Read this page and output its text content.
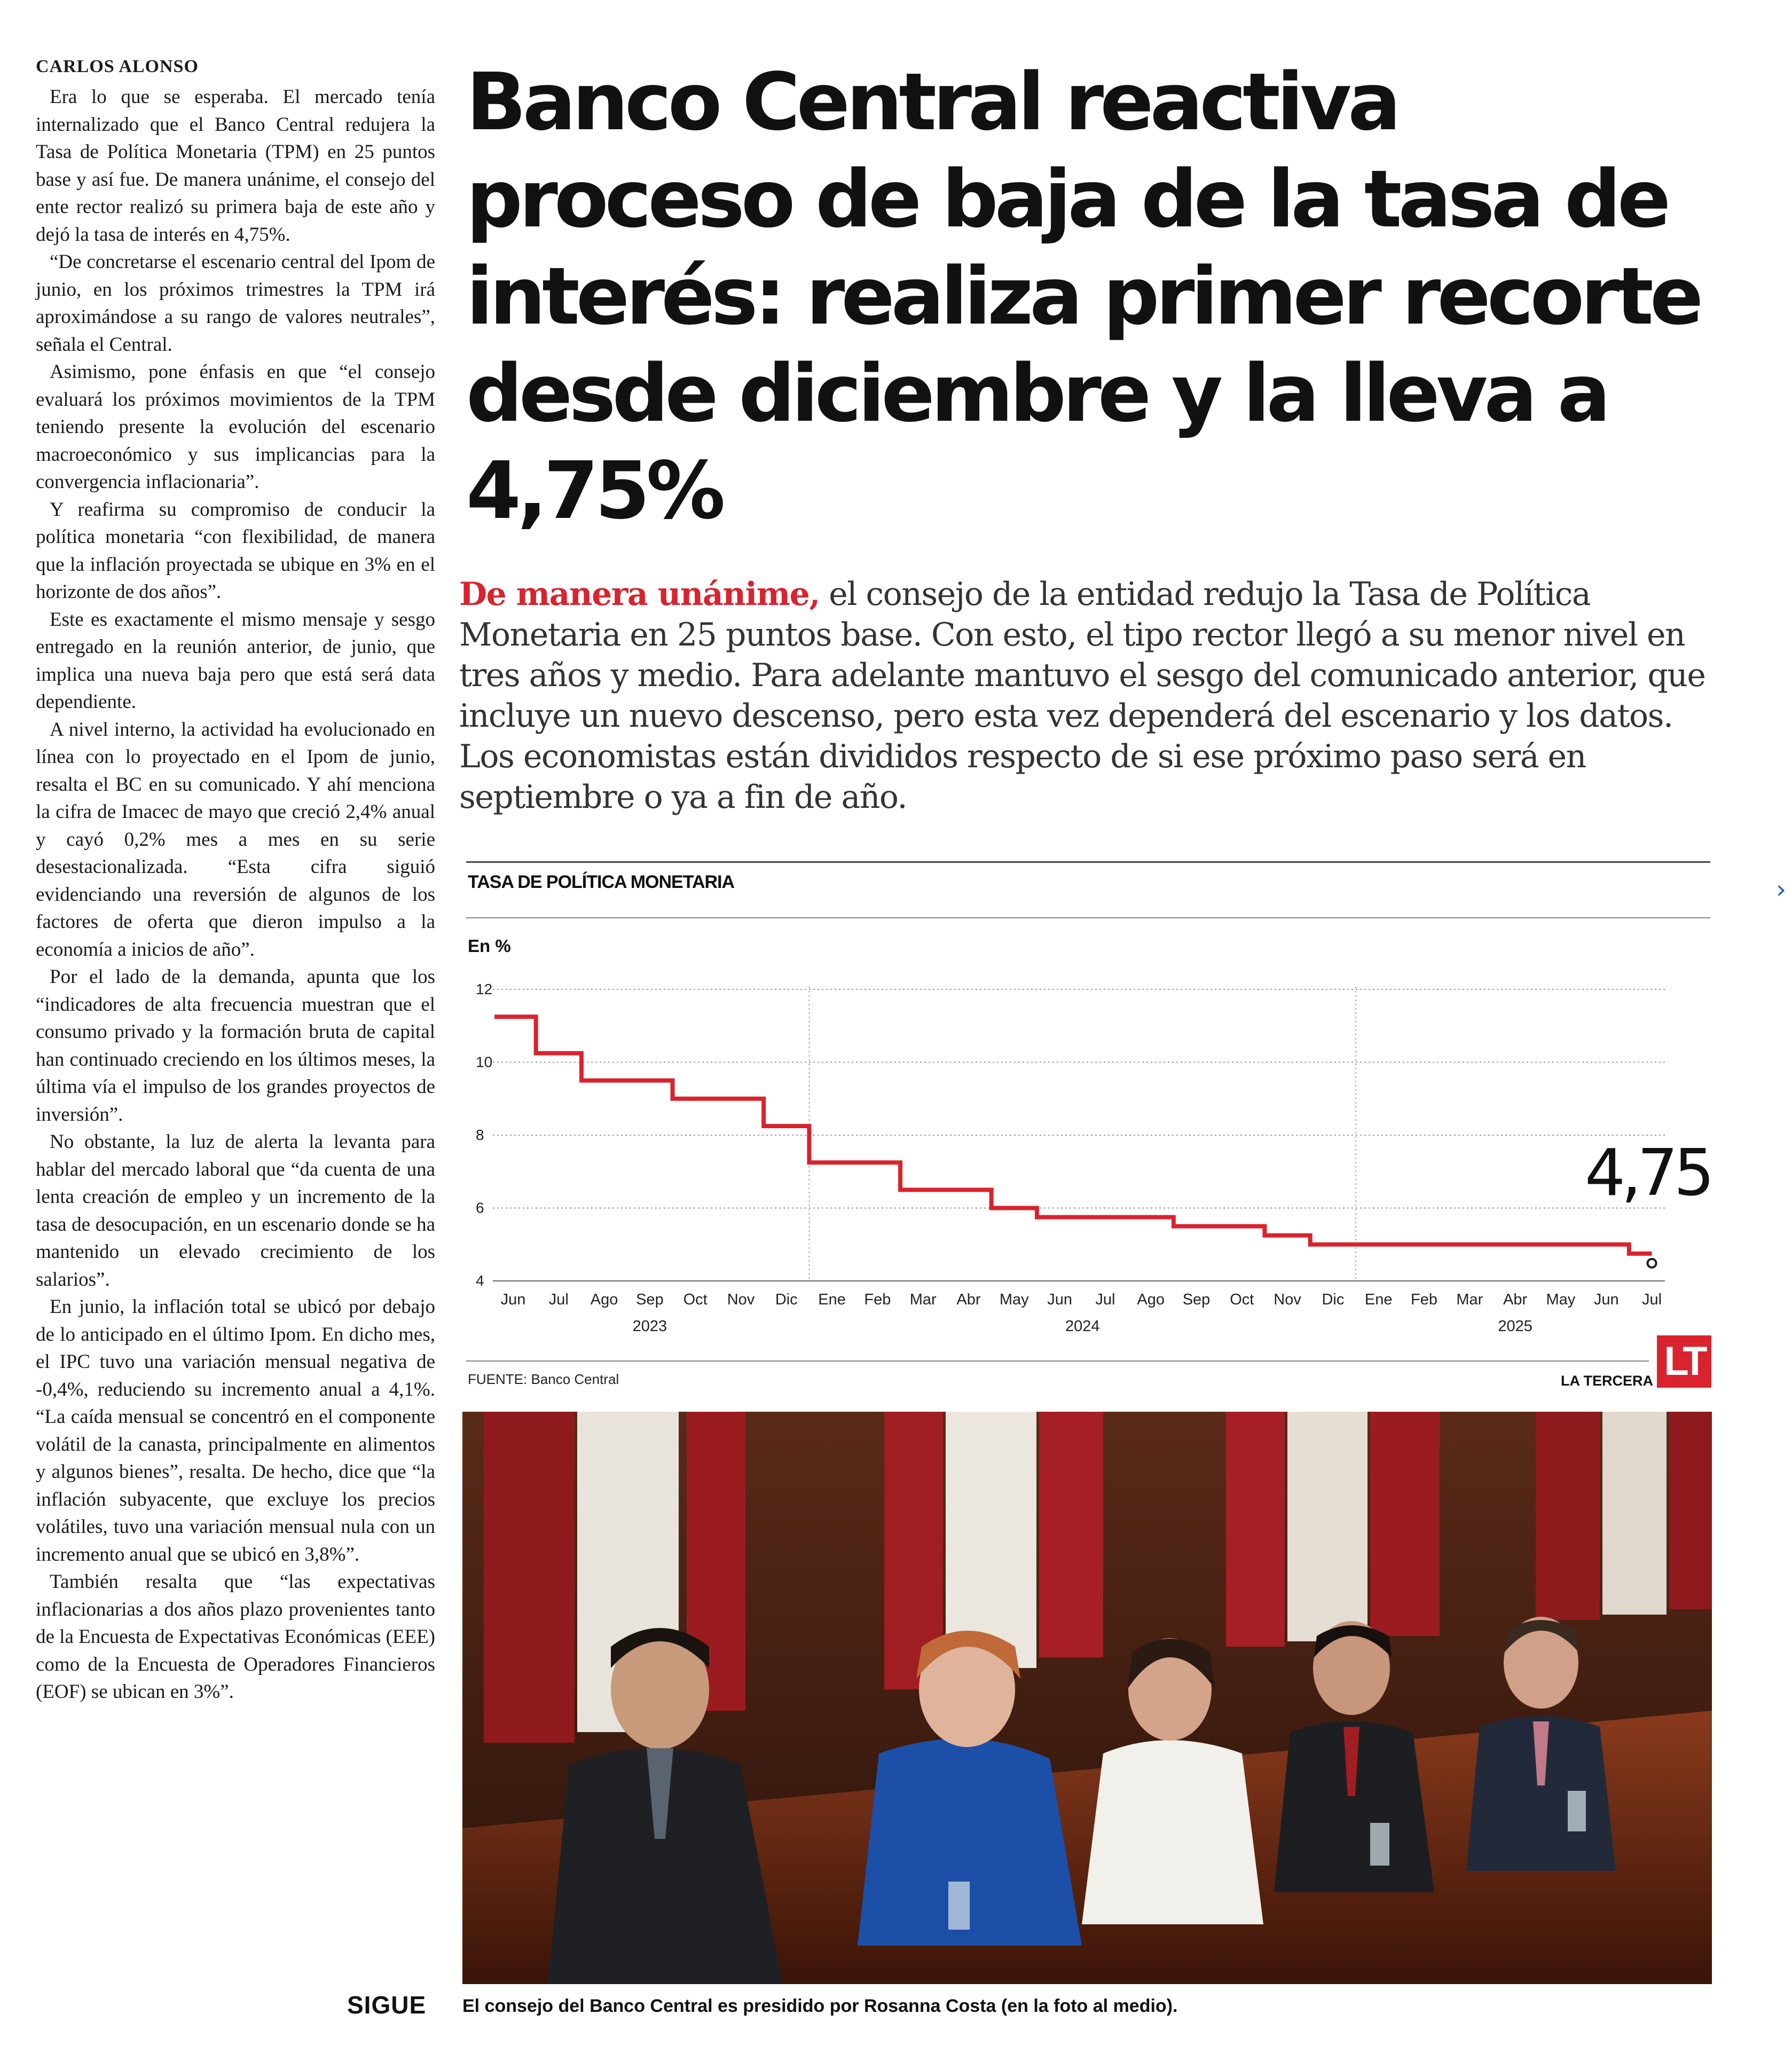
CARLOS ALONSO

Era lo que se esperaba. El mercado tenía internalizado que el Banco Central redujera la Tasa de Política Monetaria (TPM) en 25 puntos base y así fue. De manera unánime, el consejo del ente rector realizó su primera baja de este año y dejó la tasa de interés en 4,75%.

“De concretarse el escenario central del Ipom de junio, en los próximos trimestres la TPM irá aproximándose a su rango de valores neutrales”, señala el Central.

Asimismo, pone énfasis en que “el consejo evaluará los próximos movimientos de la TPM teniendo presente la evolución del escenario macroeconómico y sus implicancias para la convergencia inflacionaria”.

Y reafirma su compromiso de conducir la política monetaria “con flexibilidad, de manera que la inflación proyectada se ubique en 3% en el horizonte de dos años”.

Este es exactamente el mismo mensaje y sesgo entregado en la reunión anterior, de junio, que implica una nueva baja pero que está será data dependiente.

A nivel interno, la actividad ha evolucionado en línea con lo proyectado en el Ipom de junio, resalta el BC en su comunicado. Y ahí menciona la cifra de Imacec de mayo que creció 2,4% anual y cayó 0,2% mes a mes en su serie desestacionalizada. “Esta cifra siguió evidenciando una reversión de algunos de los factores de oferta que dieron impulso a la economía a inicios de año”.

Por el lado de la demanda, apunta que los “indicadores de alta frecuencia muestran que el consumo privado y la formación bruta de capital han continuado creciendo en los últimos meses, la última vía el impulso de los grandes proyectos de inversión”.

No obstante, la luz de alerta la levanta para hablar del mercado laboral que “da cuenta de una lenta creación de empleo y un incremento de la tasa de desocupación, en un escenario donde se ha mantenido un elevado crecimiento de los salarios”.

En junio, la inflación total se ubicó por debajo de lo anticipado en el último Ipom. En dicho mes, el IPC tuvo una variación mensual negativa de -0,4%, reduciendo su incremento anual a 4,1%. “La caída mensual se concentró en el componente volátil de la canasta, principalmente en alimentos y algunos bienes”, resalta. De hecho, dice que “la inflación subyacente, que excluye los precios volátiles, tuvo una variación mensual nula con un incremento anual que se ubicó en 3,8%”.

También resalta que “las expectativas inflacionarias a dos años plazo provenientes tanto de la Encuesta de Expectativas Económicas (EEE) como de la Encuesta de Operadores Financieros (EOF) se ubican en 3%”.

Banco Central reactiva proceso de baja de la tasa de interés: realiza primer recorte desde diciembre y la lleva a 4,75%

De manera unánime, el consejo de la entidad redujo la Tasa de Política Monetaria en 25 puntos base. Con esto, el tipo rector llegó a su menor nivel en tres años y medio. Para adelante mantuvo el sesgo del comunicado anterior, que incluye un nuevo descenso, pero esta vez dependerá del escenario y los datos. Los economistas están divididos respecto de si ese próximo paso será en septiembre o ya a fin de año.

TASA DE POLÍTICA MONETARIA
En %
12
10
8
6
4
4,75
Jun Jul Ago Sep Oct Nov Dic Ene Feb Mar Abr May Jun Jul Ago Sep Oct Nov Dic Ene Feb Mar Abr May Jun Jul
2023	2024	2025
FUENTE: Banco Central	LA TERCERA LT
El consejo del Banco Central es presidido por Rosanna Costa (en la foto al medio).
SIGUE
›
